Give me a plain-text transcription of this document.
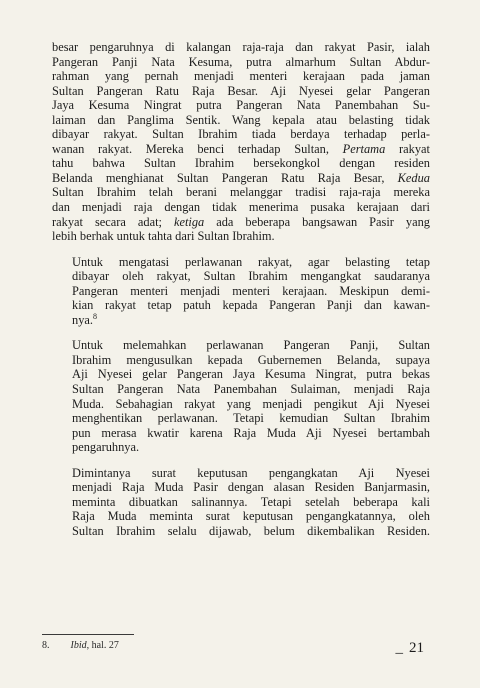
besar pengaruhnya di kalangan raja-raja dan rakyat Pasir, ialah
Pangeran Panji Nata Kesuma, putra almarhum Sultan Abdur-
rahman yang pernah menjadi menteri kerajaan pada jaman
Sultan Pangeran Ratu Raja Besar. Aji Nyesei gelar Pangeran
Jaya Kesuma Ningrat putra Pangeran Nata Panembahan Su-
laiman dan Panglima Sentik. Wang kepala atau belasting tidak
dibayar rakyat. Sultan Ibrahim tiada berdaya terhadap perla-
wanan rakyat. Mereka benci terhadap Sultan, Pertama rakyat
tahu bahwa Sultan Ibrahim bersekongkol dengan residen
Belanda menghianat Sultan Pangeran Ratu Raja Besar, Kedua
Sultan Ibrahim telah berani melanggar tradisi raja-raja mereka
dan menjadi raja dengan tidak menerima pusaka kerajaan dari
rakyat secara adat; ketiga ada beberapa bangsawan Pasir yang
lebih berhak untuk tahta dari Sultan Ibrahim.

Untuk mengatasi perlawanan rakyat, agar belasting tetap
dibayar oleh rakyat, Sultan Ibrahim mengangkat saudaranya
Pangeran menteri menjadi menteri kerajaan. Meskipun demi-
kian rakyat tetap patuh kepada Pangeran Panji dan kawan-
nya.$^8$

Untuk melemahkan perlawanan Pangeran Panji, Sultan
Ibrahim mengusulkan kepada Gubernemen Belanda, supaya
Aji Nyesei gelar Pangeran Jaya Kesuma Ningrat, putra bekas
Sultan Pangeran Nata Panembahan Sulaiman, menjadi Raja
Muda. Sebahagian rakyat yang menjadi pengikut Aji Nyesei
menghentikan perlawanan. Tetapi kemudian Sultan Ibrahim
pun merasa kwatir karena Raja Muda Aji Nyesei bertambah
pengaruhnya.

Dimintanya surat keputusan pengangkatan Aji Nyesei
menjadi Raja Muda Pasir dengan alasan Residen Banjarmasin,
meminta dibuatkan salinannya. Tetapi setelah beberapa kali
Raja Muda meminta surat keputusan pengangkatannya, oleh
Sultan Ibrahim selalu dijawab, belum dikembalikan Residen.

8. Ibid, hal. 27	_ 21
